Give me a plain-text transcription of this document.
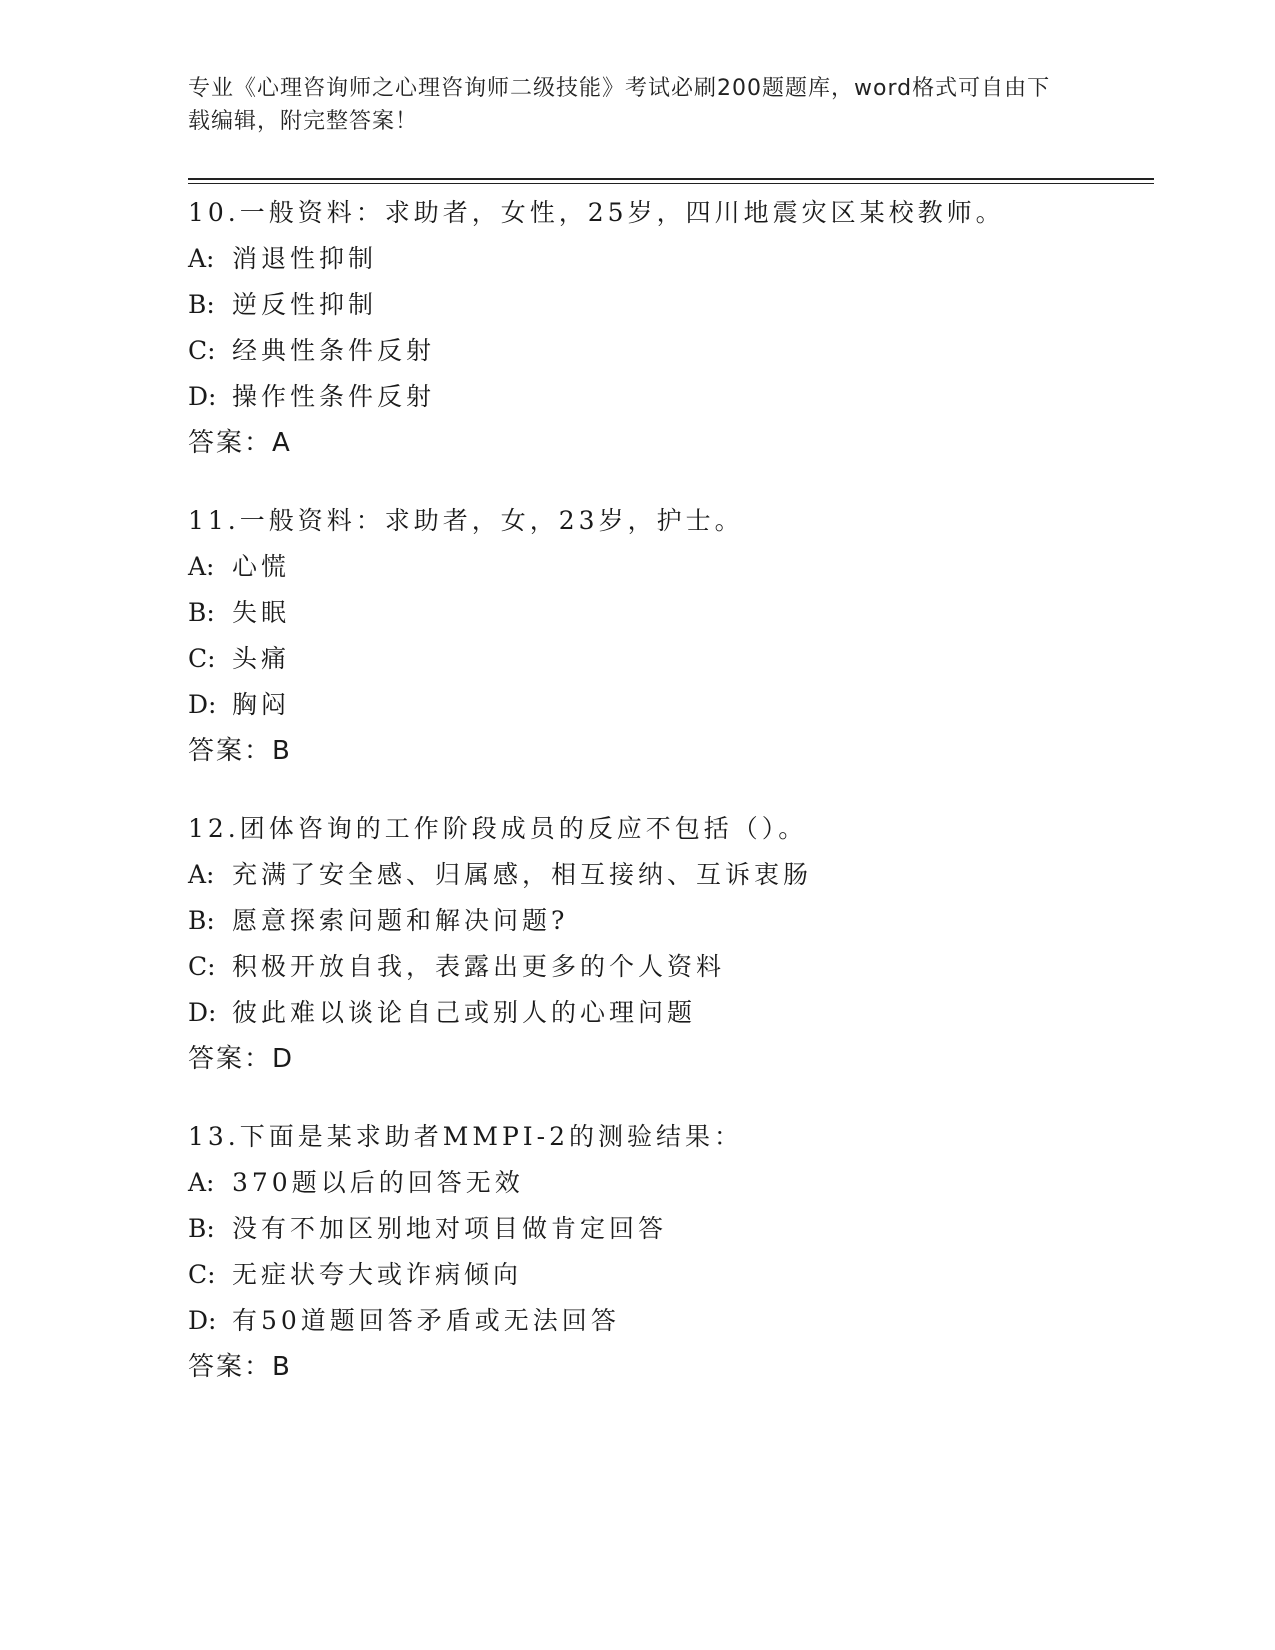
专业《心理咨询师之心理咨询师二级技能》考试必刷200题题库，word格式可自由下载编辑，附完整答案！
10.一般资料：求助者，女性，25岁，四川地震灾区某校教师。
A: 消退性抑制
B: 逆反性抑制
C: 经典性条件反射
D: 操作性条件反射
答案：A
11.一般资料：求助者，女，23岁，护士。
A: 心慌
B: 失眠
C: 头痛
D: 胸闷
答案：B
12.团体咨询的工作阶段成员的反应不包括（）。
A: 充满了安全感、归属感，相互接纳、互诉衷肠
B: 愿意探索问题和解决问题?
C: 积极开放自我，表露出更多的个人资料
D: 彼此难以谈论自己或别人的心理问题
答案：D
13.下面是某求助者MMPI-2的测验结果：
A: 370题以后的回答无效
B: 没有不加区别地对项目做肯定回答
C: 无症状夸大或诈病倾向
D: 有50道题回答矛盾或无法回答
答案：B
